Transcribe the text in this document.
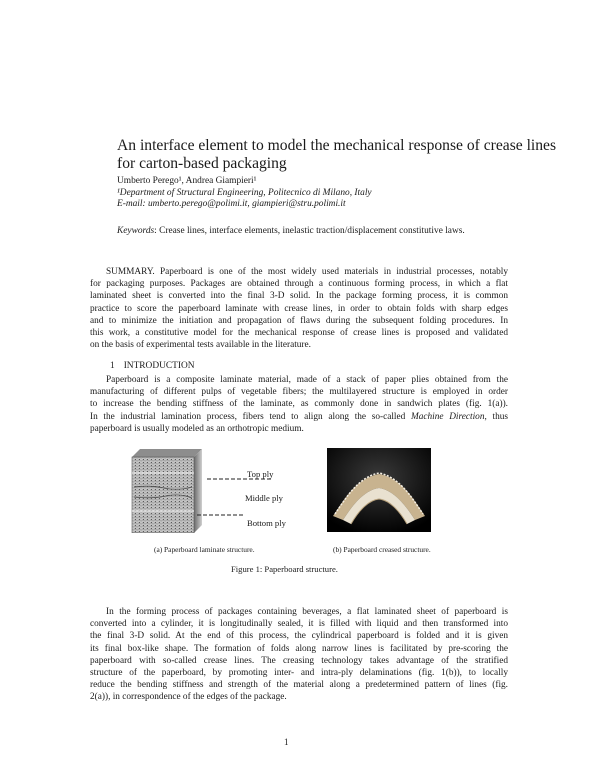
An interface element to model the mechanical response of crease lines
for carton-based packaging
Umberto Perego¹, Andrea Giampieri¹
¹Department of Structural Engineering, Politecnico di Milano, Italy
E-mail: umberto.perego@polimi.it, giampieri@stru.polimi.it
Keywords: Crease lines, interface elements, inelastic traction/displacement constitutive laws.
SUMMARY. Paperboard is one of the most widely used materials in industrial processes, notably
for packaging purposes. Packages are obtained through a continuous forming process, in which a flat
laminated sheet is converted into the final 3-D solid. In the package forming process, it is common
practice to score the paperboard laminate with crease lines, in order to obtain folds with sharp edges
and to minimize the initiation and propagation of flaws during the subsequent folding procedures. In
this work, a constitutive model for the mechanical response of crease lines is proposed and validated
on the basis of experimental tests available in the literature.
1 INTRODUCTION
Paperboard is a composite laminate material, made of a stack of paper plies obtained from the
manufacturing of different pulps of vegetable fibers; the multilayered structure is employed in order
to increase the bending stiffness of the laminate, as commonly done in sandwich plates (fig. 1(a)).
In the industrial lamination process, fibers tend to align along the so-called Machine Direction, thus
paperboard is usually modeled as an orthotropic medium.
Top ply
Middle ply
Bottom ply
(a) Paperboard laminate structure.	(b) Paperboard creased structure.
Figure 1: Paperboard structure.
In the forming process of packages containing beverages, a flat laminated sheet of paperboard is
converted into a cylinder, it is longitudinally sealed, it is filled with liquid and then transformed into
the final 3-D solid. At the end of this process, the cylindrical paperboard is folded and it is given
its final box-like shape. The formation of folds along narrow lines is facilitated by pre-scoring the
paperboard with so-called crease lines. The creasing technology takes advantage of the stratified
structure of the paperboard, by promoting inter- and intra-ply delaminations (fig. 1(b)), to locally
reduce the bending stiffness and strength of the material along a predetermined pattern of lines (fig.
2(a)), in correspondence of the edges of the package.
1
